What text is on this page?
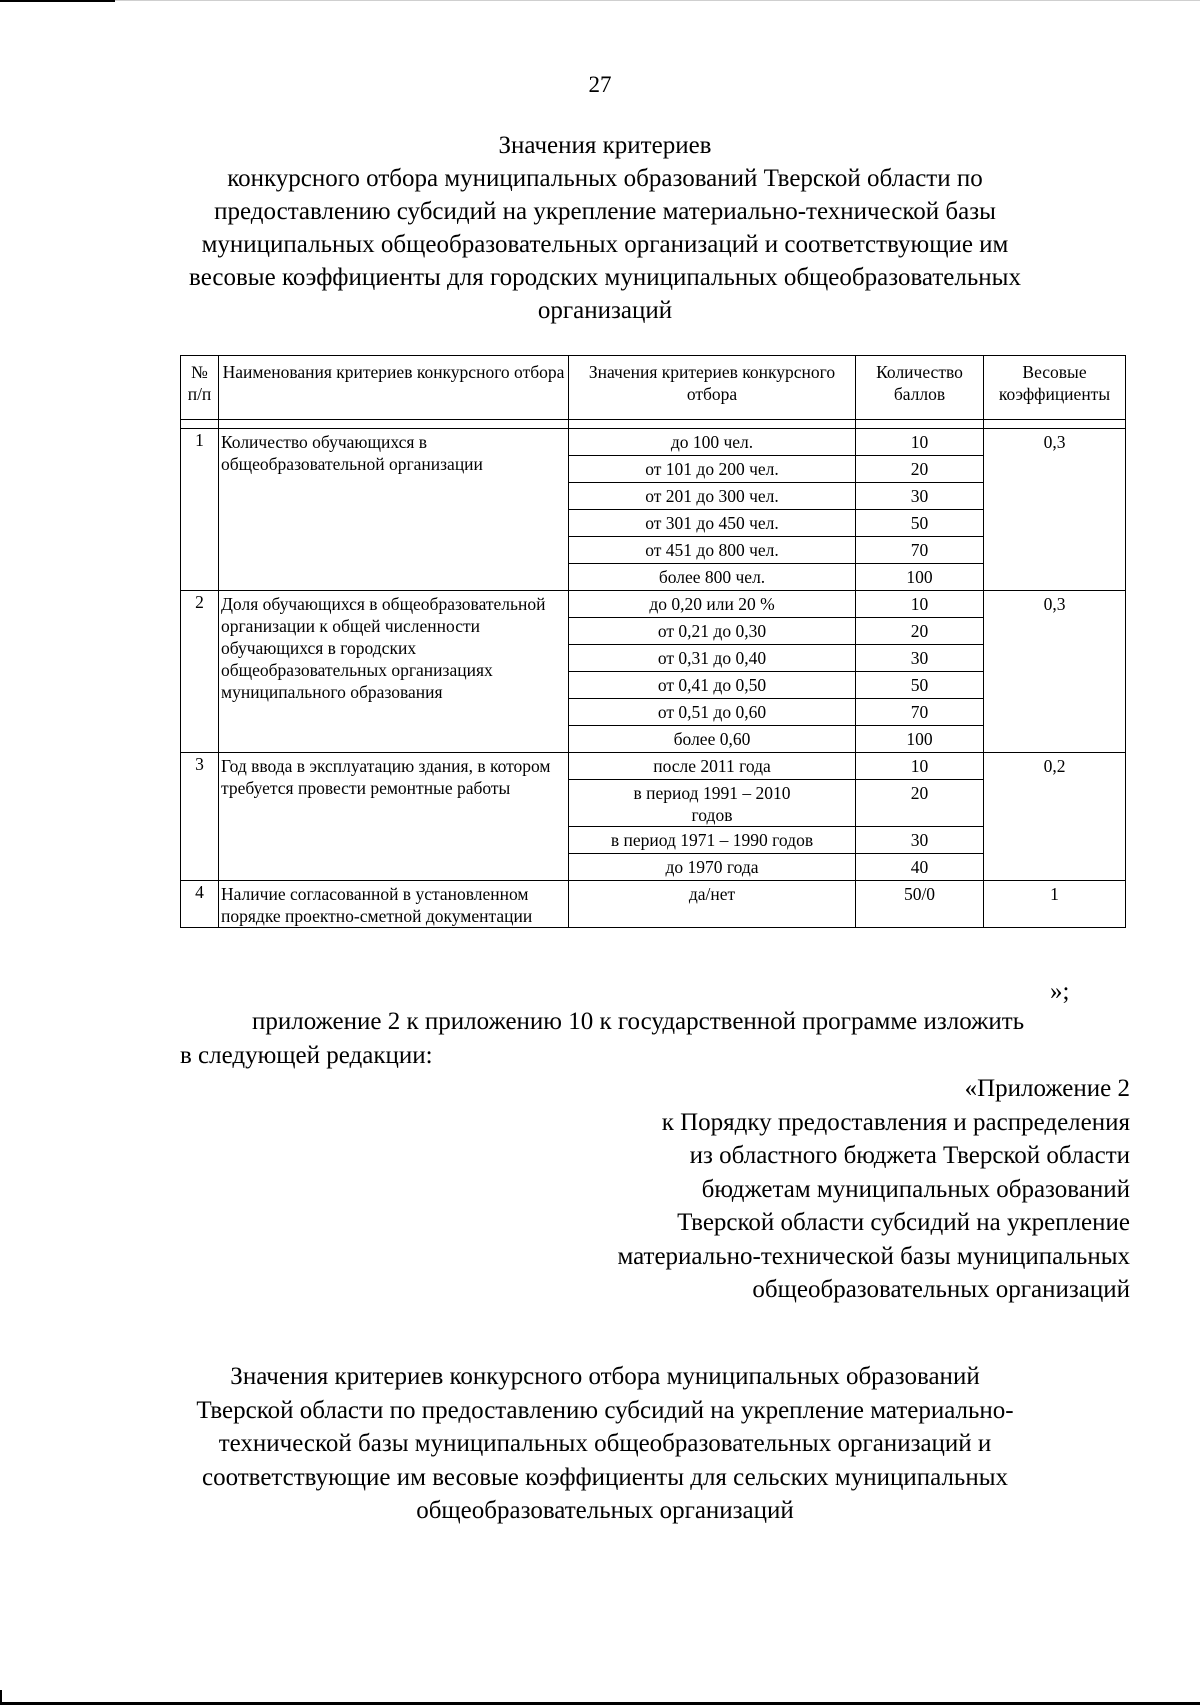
27
Значения критериев
конкурсного отбора муниципальных образований Тверской области по
предоставлению субсидий на укрепление материально-технической базы
муниципальных общеобразовательных организаций и соответствующие им
весовые коэффициенты для городских муниципальных общеобразовательных
организаций
№ п/п	Наименования критериев конкурсного отбора	Значения критериев конкурсного отбора	Количество баллов	Весовые коэффициенты

1	Количество обучающихся в общеобразовательной организации	до 100 чел.	10	0,3
		от 101 до 200 чел.	20	
		от 201 до 300 чел.	30	
		от 301 до 450 чел.	50	
		от 451 до 800 чел.	70	
		более 800 чел.	100	
2	Доля обучающихся в общеобразовательной организации к общей численности обучающихся в городских общеобразовательных организациях муниципального образования	до 0,20 или 20 %	10	0,3
		от 0,21 до 0,30	20	
		от 0,31 до 0,40	30	
		от 0,41 до 0,50	50	
		от 0,51 до 0,60	70	
		более 0,60	100	
3	Год ввода в эксплуатацию здания, в котором требуется провести ремонтные работы	после 2011 года	10	0,2
		в период 1991 – 2010 годов	20	
		в период 1971 – 1990 годов	30	
		до 1970 года	40	
4	Наличие согласованной в установленном порядке проектно-сметной документации	да/нет	50/0	1
»;
приложение 2 к приложению 10 к государственной программе изложить
в следующей редакции:
«Приложение 2
к Порядку предоставления и распределения
из областного бюджета Тверской области
бюджетам муниципальных образований
Тверской области субсидий на укрепление
материально-технической базы муниципальных
общеобразовательных организаций
Значения критериев конкурсного отбора муниципальных образований
Тверской области по предоставлению субсидий на укрепление материально-
технической базы муниципальных общеобразовательных организаций и
соответствующие им весовые коэффициенты для сельских муниципальных
общеобразовательных организаций
